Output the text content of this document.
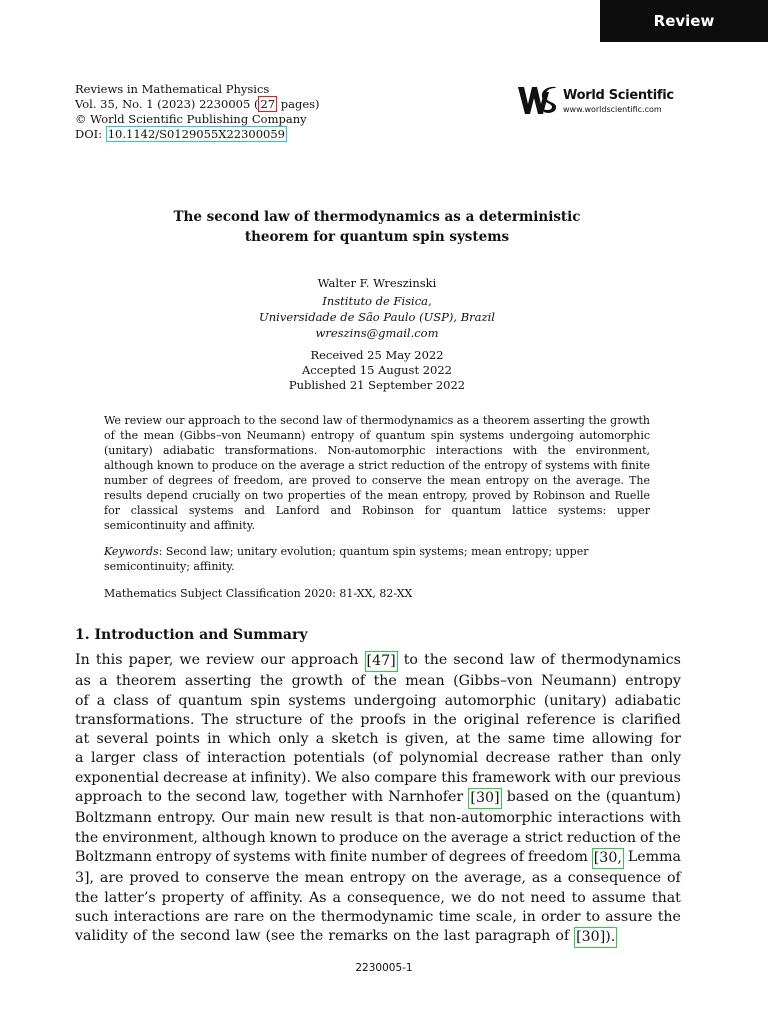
Review
Reviews in Mathematical Physics
Vol. 35, No. 1 (2023) 2230005 ( 27 pages)
© World Scientific Publishing Company
DOI: 10.1142/S0129055X22300059
World Scientific
www.worldscientific.com
The second law of thermodynamics as a deterministic
theorem for quantum spin systems
Walter F. Wreszinski
Instituto de Fisica,
Universidade de São Paulo (USP), Brazil
wreszins@gmail.com
Received 25 May 2022
Accepted 15 August 2022
Published 21 September 2022
We review our approach to the second law of thermodynamics as a theorem asserting the growth of the mean (Gibbs–von Neumann) entropy of quantum spin systems undergoing automorphic (unitary) adiabatic transformations. Non-automorphic interactions with the environment, although known to produce on the average a strict reduction of the entropy of systems with finite number of degrees of freedom, are proved to conserve the mean entropy on the average. The results depend crucially on two properties of the mean entropy, proved by Robinson and Ruelle for classical systems and Lanford and Robinson for quantum lattice systems: upper semicontinuity and affinity.
Keywords: Second law; unitary evolution; quantum spin systems; mean entropy; upper semicontinuity; affinity.
Mathematics Subject Classification 2020: 81-XX, 82-XX
1. Introduction and Summary
In this paper, we review our approach [47] to the second law of thermodynamics
as a theorem asserting the growth of the mean (Gibbs–von Neumann) entropy
of a class of quantum spin systems undergoing automorphic (unitary) adiabatic
transformations. The structure of the proofs in the original reference is clarified
at several points in which only a sketch is given, at the same time allowing for
a larger class of interaction potentials (of polynomial decrease rather than only
exponential decrease at infinity). We also compare this framework with our previous
approach to the second law, together with Narnhofer [30] based on the (quantum)
Boltzmann entropy. Our main new result is that non-automorphic interactions with
the environment, although known to produce on the average a strict reduction of the
Boltzmann entropy of systems with finite number of degrees of freedom [30, Lemma
3], are proved to conserve the mean entropy on the average, as a consequence of
the latter’s property of affinity. As a consequence, we do not need to assume that
such interactions are rare on the thermodynamic time scale, in order to assure the
validity of the second law (see the remarks on the last paragraph of [30]).
2230005-1
